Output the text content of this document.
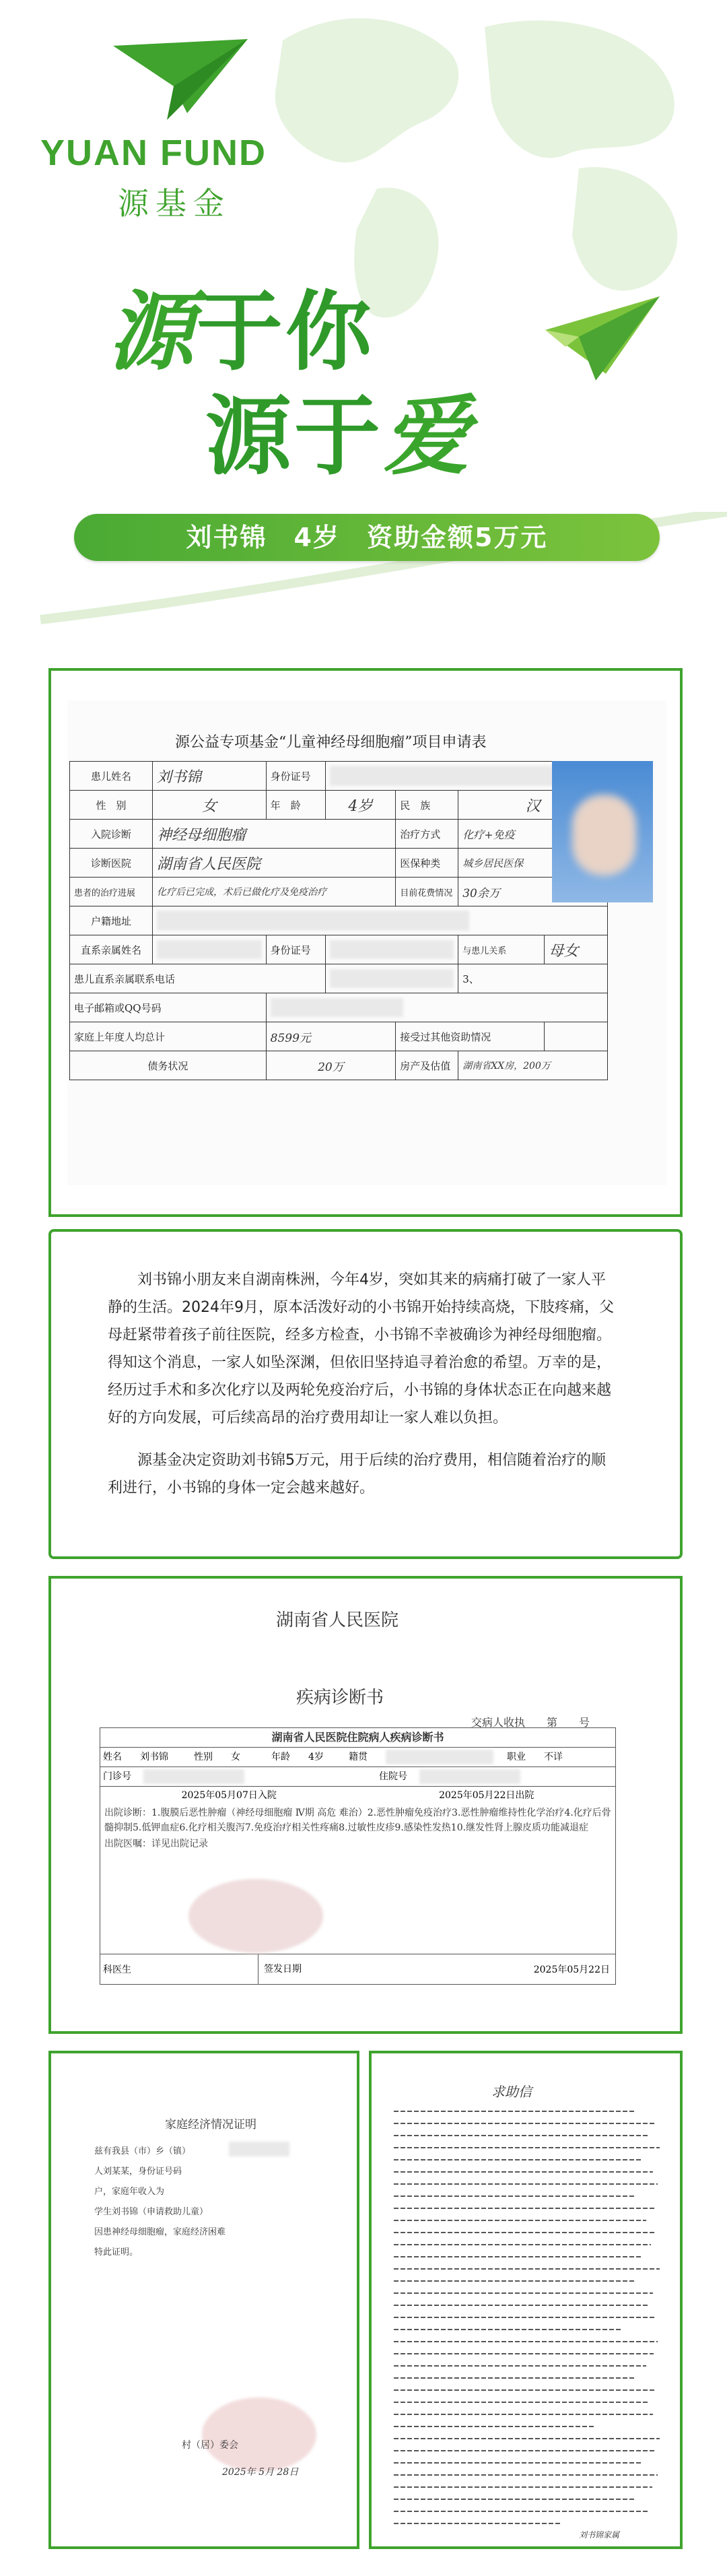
YUAN FUND
源基金
源于你
源于爱
刘书锦　4岁　资助金额5万元
源公益专项基金“儿童神经母细胞瘤”项目申请表
患儿姓名	刘书锦	身份证号				

性　别	女	年　龄	4岁	民　族	汉	
入院诊断	神经母细胞瘤			治疗方式	化疗+免疫	
诊断医院	湖南省人民医院			医保种类	城乡居民医保	
患者的治疗进展	化疗后已完成，术后已做化疗及免疫治疗			目前花费情况	30余万	
户籍地址						

直系亲属姓名		身份证号			与患儿关系	母女
患儿直系亲属联系电话					3、	
电子邮箱或QQ号码						

家庭上年度人均总计		8599元		接受过其他资助情况		
债务状况		20万		房产及估值	湖南省XX房，200万	

刘书锦小朋友来自湖南株洲，今年4岁，突如其来的病痛打破了一家人平静的生活。2024年9月，原本活泼好动的小书锦开始持续高烧，下肢疼痛，父母赶紧带着孩子前往医院，经多方检查，小书锦不幸被确诊为神经母细胞瘤。得知这个消息，一家人如坠深渊，但依旧坚持追寻着治愈的希望。万幸的是，经历过手术和多次化疗以及两轮免疫治疗后，小书锦的身体状态正在向越来越好的方向发展，可后续高昂的治疗费用却让一家人难以负担。

源基金决定资助刘书锦5万元，用于后续的治疗费用，相信随着治疗的顺利进行，小书锦的身体一定会越来越好。

湖南省人民医院
疾病诊断书
交病人收执　　第　　号
湖南省人民医院住院病人疾病诊断书
姓名	刘书锦	性别	女	年龄	4岁	籍贯	职业	不详
门诊号	住院号
2025年05月07日入院	2025年05月22日出院
出院诊断：1.腹膜后恶性肿瘤（神经母细胞瘤 Ⅳ期 高危 难治）2.恶性肿瘤免疫治疗3.恶性肿瘤维持性化学治疗4.化疗后骨髓抑制5.低钾血症6.化疗相关腹泻7.免疫治疗相关性疼痛8.过敏性皮疹9.感染性发热10.继发性肾上腺皮质功能减退症
出院医嘱：详见出院记录
科医生	签发日期	2025年05月22日
家庭经济情况证明
兹有我县（市）乡（镇）
人刘某某，身份证号码
户，家庭年收入为
学生刘书锦（申请救助儿童）
因患神经母细胞瘤，家庭经济困难
特此证明。
村（居）委会
2025年 5月 28日
求助信
刘书锦家属
